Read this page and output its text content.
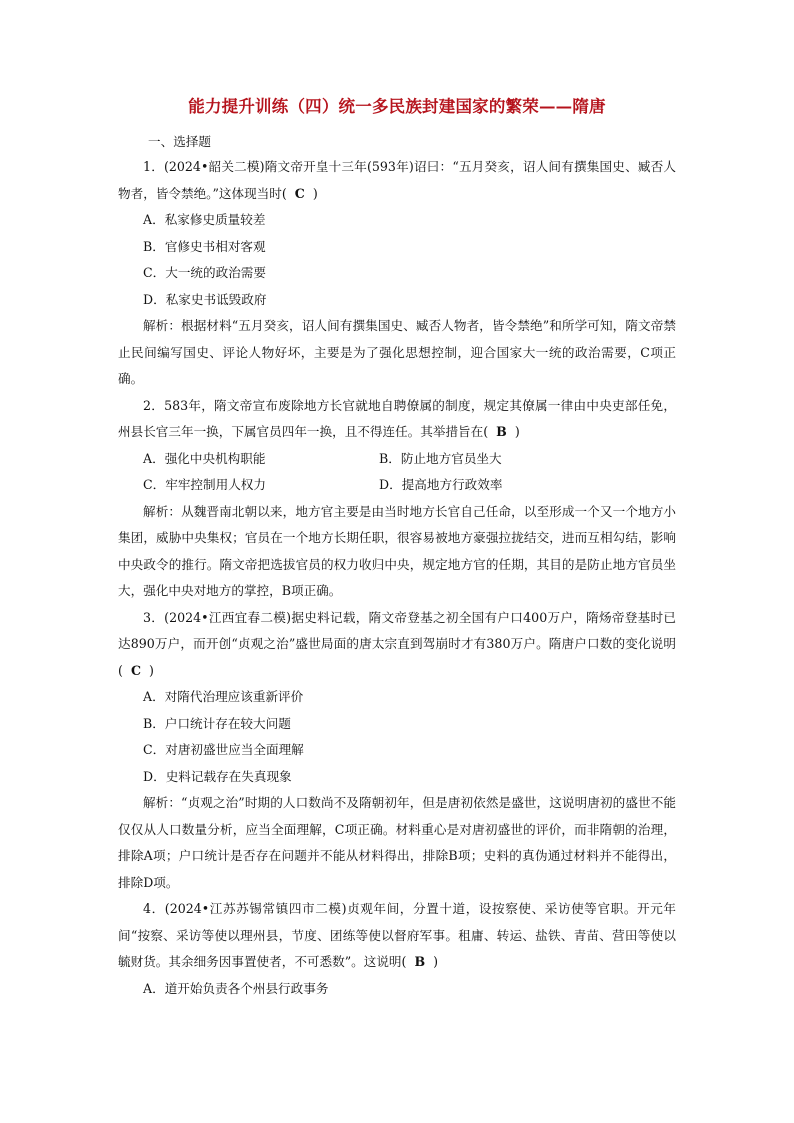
能力提升训练（四）统一多民族封建国家的繁荣——隋唐

一、选择题

1．(2024•韶关二模)隋文帝开皇十三年(593年)诏曰：“五月癸亥，诏人间有撰集国史、臧否人物者，皆令禁绝。”这体现当时( C )

A．私家修史质量较差

B．官修史书相对客观

C．大一统的政治需要

D．私家史书诋毁政府

解析：根据材料“五月癸亥，诏人间有撰集国史、臧否人物者，皆令禁绝”和所学可知，隋文帝禁止民间编写国史、评论人物好坏，主要是为了强化思想控制，迎合国家大一统的政治需要，C项正确。

2．583年，隋文帝宣布废除地方长官就地自聘僚属的制度，规定其僚属一律由中央吏部任免，州县长官三年一换，下属官员四年一换，且不得连任。其举措旨在( B )

A．强化中央机构职能	B．防止地方官员坐大
C．牢牢控制用人权力	D．提高地方行政效率

解析：从魏晋南北朝以来，地方官主要是由当时地方长官自己任命，以至形成一个又一个地方小集团，威胁中央集权；官员在一个地方长期任职，很容易被地方豪强拉拢结交，进而互相勾结，影响中央政令的推行。隋文帝把选拔官员的权力收归中央，规定地方官的任期，其目的是防止地方官员坐大，强化中央对地方的掌控，B项正确。

3．(2024•江西宜春二模)据史料记载，隋文帝登基之初全国有户口400万户，隋炀帝登基时已达890万户，而开创“贞观之治”盛世局面的唐太宗直到驾崩时才有380万户。隋唐户口数的变化说明( C )

A．对隋代治理应该重新评价

B．户口统计存在较大问题

C．对唐初盛世应当全面理解

D．史料记载存在失真现象

解析：“贞观之治”时期的人口数尚不及隋朝初年，但是唐初依然是盛世，这说明唐初的盛世不能仅仅从人口数量分析，应当全面理解，C项正确。材料重心是对唐初盛世的评价，而非隋朝的治理，排除A项；户口统计是否存在问题并不能从材料得出，排除B项；史料的真伪通过材料并不能得出，排除D项。

4．(2024•江苏苏锡常镇四市二模)贞观年间，分置十道，设按察使、采访使等官职。开元年间“按察、采访等使以理州县，节度、团练等使以督府军事。租庸、转运、盐铁、青苗、营田等使以毓财货。其余细务因事置使者，不可悉数”。这说明( B )

A．道开始负责各个州县行政事务
